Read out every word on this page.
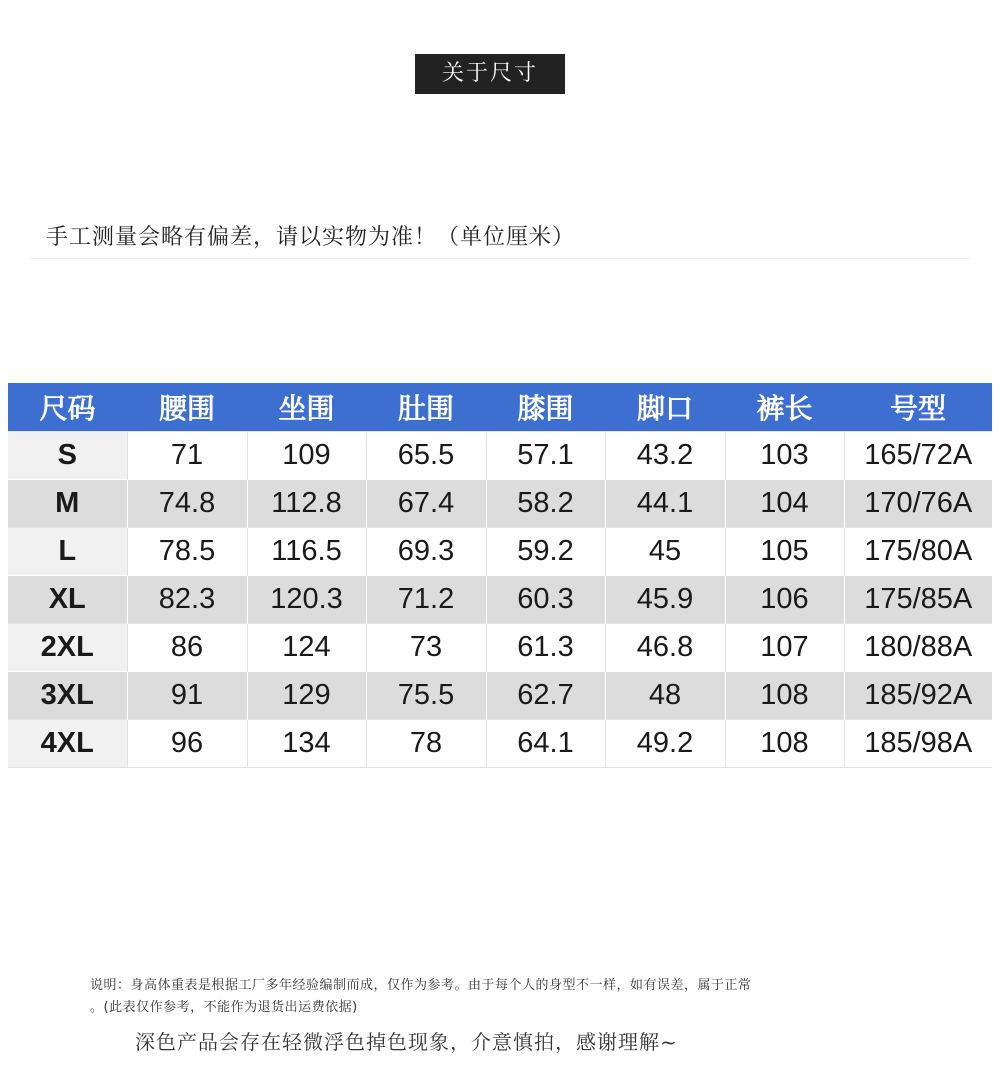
关于尺寸
手工测量会略有偏差，请以实物为准！（单位厘米）
尺码	腰围	坐围	肚围	膝围	脚口	裤长	号型
S	71	109	65.5	57.1	43.2	103	165/72A
M	74.8	112.8	67.4	58.2	44.1	104	170/76A
L	78.5	116.5	69.3	59.2	45	105	175/80A
XL	82.3	120.3	71.2	60.3	45.9	106	175/85A
2XL	86	124	73	61.3	46.8	107	180/88A
3XL	91	129	75.5	62.7	48	108	185/92A
4XL	96	134	78	64.1	49.2	108	185/98A
说明：身高体重表是根据工厂多年经验编制而成，仅作为参考。由于每个人的身型不一样，如有误差，属于正常
。(此表仅作参考，不能作为退货出运费依据)
深色产品会存在轻微浮色掉色现象，介意慎拍，感谢理解~
